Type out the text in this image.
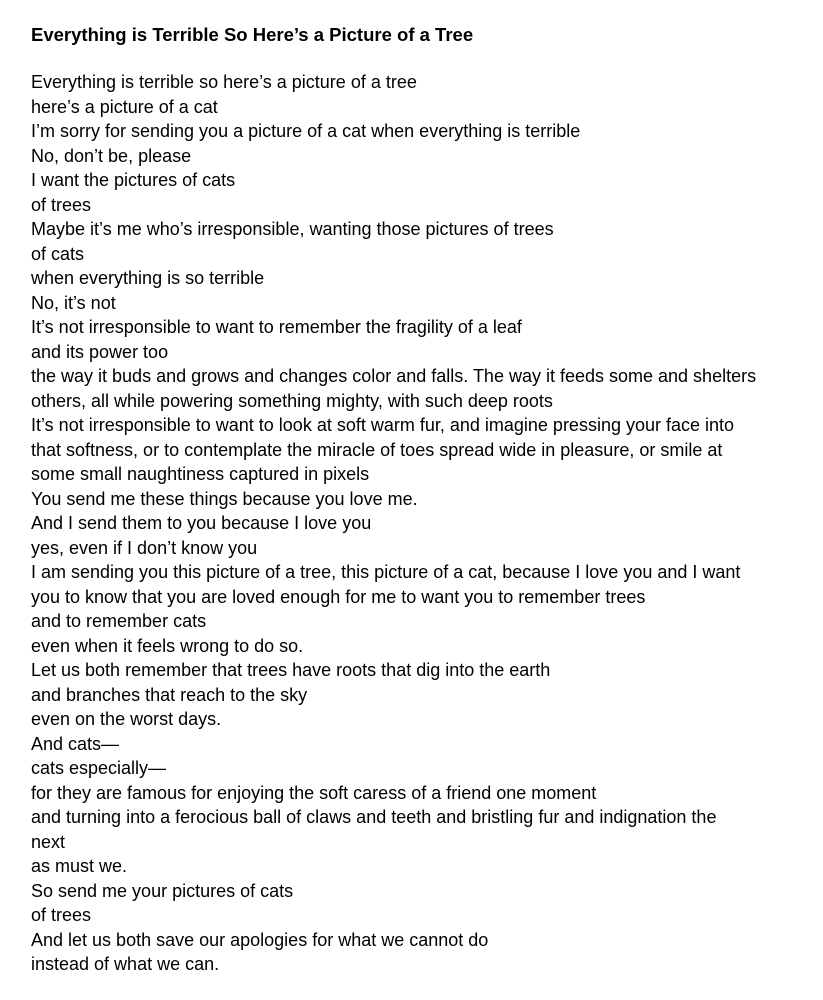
Everything is Terrible So Here’s a Picture of a Tree
Everything is terrible so here’s a picture of a tree
here’s a picture of a cat
I’m sorry for sending you a picture of a cat when everything is terrible
No, don’t be, please
I want the pictures of cats
of trees
Maybe it’s me who’s irresponsible, wanting those pictures of trees
of cats
when everything is so terrible
No, it’s not
It’s not irresponsible to want to remember the fragility of a leaf
and its power too
the way it buds and grows and changes color and falls. The way it feeds some and shelters
others, all while powering something mighty, with such deep roots
It’s not irresponsible to want to look at soft warm fur, and imagine pressing your face into
that softness, or to contemplate the miracle of toes spread wide in pleasure, or smile at
some small naughtiness captured in pixels
You send me these things because you love me.
And I send them to you because I love you
yes, even if I don’t know you
I am sending you this picture of a tree, this picture of a cat, because I love you and I want
you to know that you are loved enough for me to want you to remember trees
and to remember cats
even when it feels wrong to do so.
Let us both remember that trees have roots that dig into the earth
and branches that reach to the sky
even on the worst days.
And cats—
cats especially—
for they are famous for enjoying the soft caress of a friend one moment
and turning into a ferocious ball of claws and teeth and bristling fur and indignation the
next
as must we.
So send me your pictures of cats
of trees
And let us both save our apologies for what we cannot do
instead of what we can.
